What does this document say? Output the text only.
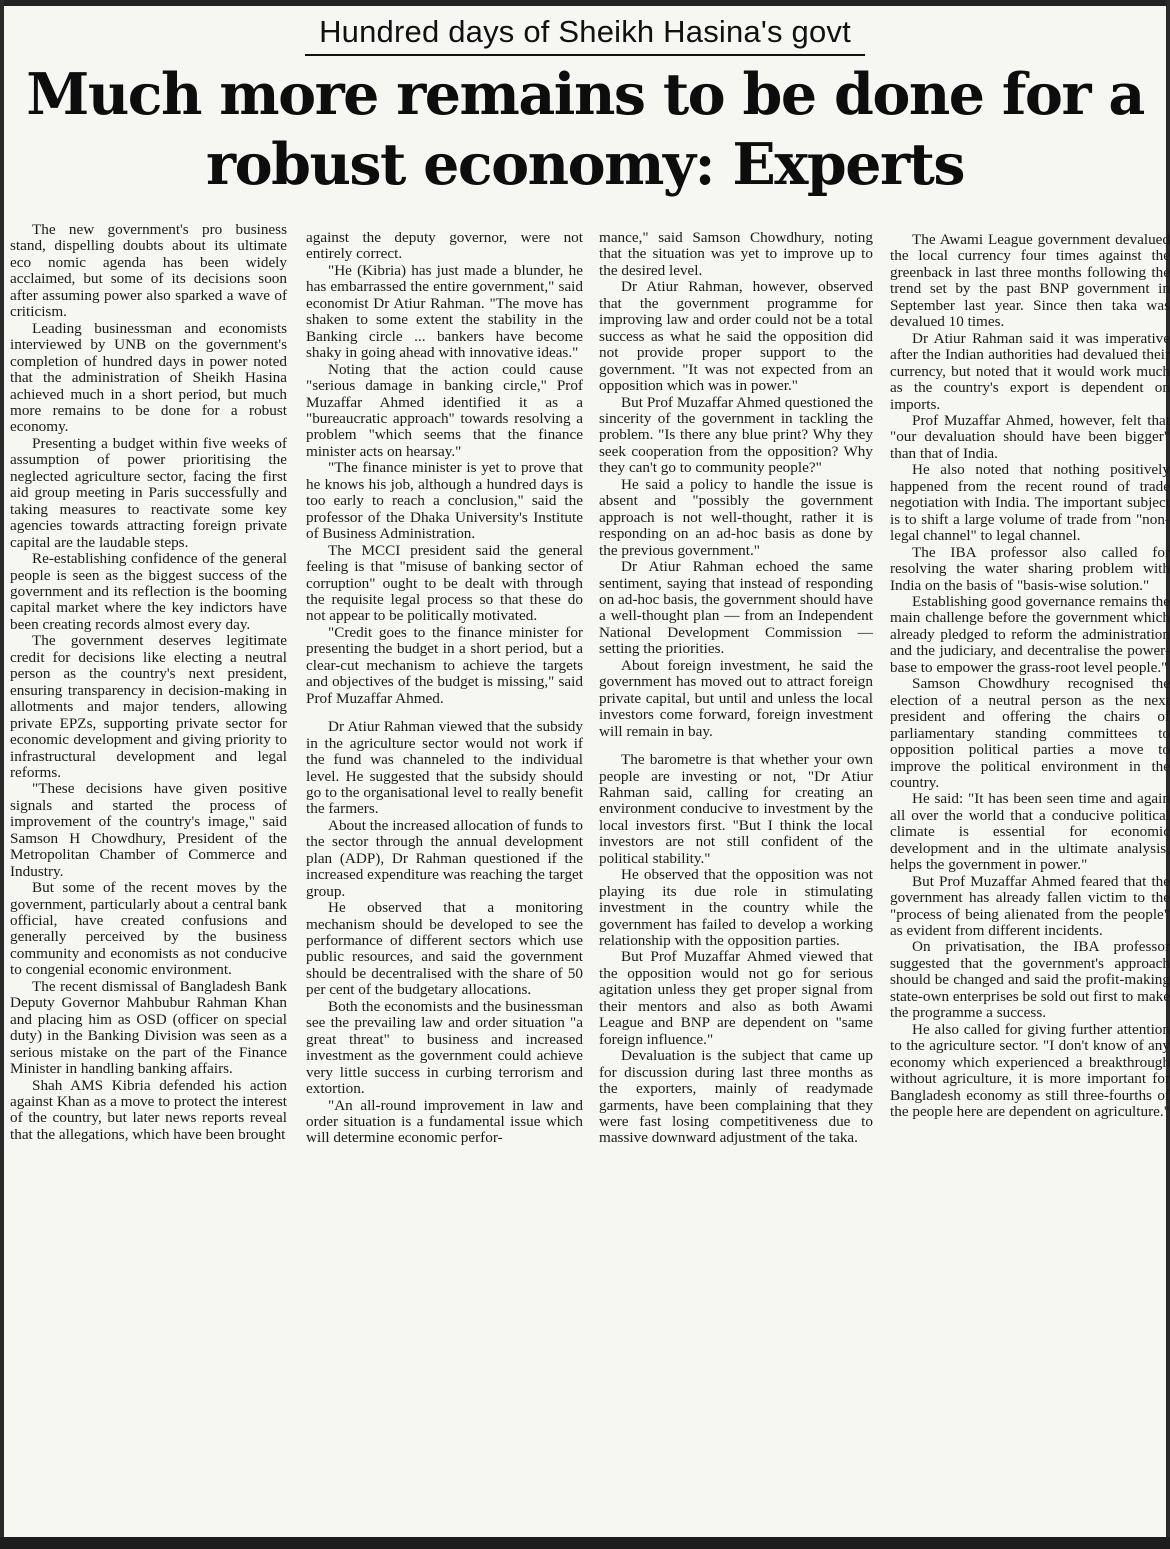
Hundred days of Sheikh Hasina's govt
Much more remains to be done for a robust economy: Experts

The new government's pro business stand, dispelling doubts about its ultimate eco nomic agenda has been widely acclaimed, but some of its decisions soon after assuming power also sparked a wave of criticism.

Leading businessman and economists interviewed by UNB on the government's completion of hundred days in power noted that the administration of Sheikh Hasina achieved much in a short period, but much more remains to be done for a robust economy.

Presenting a budget within five weeks of assumption of power prioritising the neglected agriculture sector, facing the first aid group meeting in Paris successfully and taking measures to reactivate some key agencies towards attracting foreign private capital are the laudable steps.

Re-establishing confidence of the general people is seen as the biggest success of the government and its reflection is the booming capital market where the key indictors have been creating records almost every day.

The government deserves legitimate credit for decisions like electing a neutral person as the country's next president, ensuring transparency in decision-making in allotments and major tenders, allowing private EPZs, supporting private sector for economic development and giving priority to infrastructural development and legal reforms.

"These decisions have given positive signals and started the process of improvement of the country's image," said Samson H Chowdhury, President of the Metropolitan Chamber of Commerce and Industry.

But some of the recent moves by the government, particularly about a central bank official, have created confusions and generally perceived by the business community and economists as not conducive to congenial economic environment.

The recent dismissal of Bangladesh Bank Deputy Governor Mahbubur Rahman Khan and placing him as OSD (officer on special duty) in the Banking Division was seen as a serious mistake on the part of the Finance Minister in handling banking affairs.

Shah AMS Kibria defended his action against Khan as a move to protect the interest of the country, but later news reports reveal that the allegations, which have been brought

against the deputy governor, were not entirely correct.

"He (Kibria) has just made a blunder, he has embarrassed the entire government," said economist Dr Atiur Rahman. "The move has shaken to some extent the stability in the Banking circle ... bankers have become shaky in going ahead with innovative ideas."

Noting that the action could cause "serious damage in banking circle," Prof Muzaffar Ahmed identified it as a "bureaucratic approach" towards resolving a problem "which seems that the finance minister acts on hearsay."

"The finance minister is yet to prove that he knows his job, although a hundred days is too early to reach a conclusion," said the professor of the Dhaka University's Institute of Business Administration.

The MCCI president said the general feeling is that "misuse of banking sector of corruption" ought to be dealt with through the requisite legal process so that these do not appear to be politically motivated.

"Credit goes to the finance minister for presenting the budget in a short period, but a clear-cut mechanism to achieve the targets and objectives of the budget is missing," said Prof Muzaffar Ahmed.

Dr Atiur Rahman viewed that the subsidy in the agriculture sector would not work if the fund was channeled to the individual level. He suggested that the subsidy should go to the organisational level to really benefit the farmers.

About the increased allocation of funds to the sector through the annual development plan (ADP), Dr Rahman questioned if the increased expenditure was reaching the target group.

He observed that a monitoring mechanism should be developed to see the performance of different sectors which use public resources, and said the government should be decentralised with the share of 50 per cent of the budgetary allocations.

Both the economists and the businessman see the prevailing law and order situation "a great threat" to business and increased investment as the government could achieve very little success in curbing terrorism and extortion.

"An all-round improvement in law and order situation is a fundamental issue which will determine economic perfor-

mance," said Samson Chowdhury, noting that the situation was yet to improve up to the desired level.

Dr Atiur Rahman, however, observed that the government programme for improving law and order could not be a total success as what he said the opposition did not provide proper support to the government. "It was not expected from an opposition which was in power."

But Prof Muzaffar Ahmed questioned the sincerity of the government in tackling the problem. "Is there any blue print? Why they seek cooperation from the opposition? Why they can't go to community people?"

He said a policy to handle the issue is absent and "possibly the government approach is not well-thought, rather it is responding on an ad-hoc basis as done by the previous government."

Dr Atiur Rahman echoed the same sentiment, saying that instead of responding on ad-hoc basis, the government should have a well-thought plan — from an Independent National Development Commission — setting the priorities.

About foreign investment, he said the government has moved out to attract foreign private capital, but until and unless the local investors come forward, foreign investment will remain in bay.

The barometre is that whether your own people are investing or not, "Dr Atiur Rahman said, calling for creating an environment conducive to investment by the local investors first. "But I think the local investors are not still confident of the political stability."

He observed that the opposition was not playing its due role in stimulating investment in the country while the government has failed to develop a working relationship with the opposition parties.

But Prof Muzaffar Ahmed viewed that the opposition would not go for serious agitation unless they get proper signal from their mentors and also as both Awami League and BNP are dependent on "same foreign influence."

Devaluation is the subject that came up for discussion during last three months as the exporters, mainly of readymade garments, have been complaining that they were fast losing competitiveness due to massive downward adjustment of the taka.

The Awami League government devalued the local currency four times against the greenback in last three months following the trend set by the past BNP government in September last year. Since then taka was devalued 10 times.

Dr Atiur Rahman said it was imperative after the Indian authorities had devalued their currency, but noted that it would work much as the country's export is dependent on imports.

Prof Muzaffar Ahmed, however, felt that "our devaluation should have been bigger" than that of India.

He also noted that nothing positively happened from the recent round of trade negotiation with India. The important subject is to shift a large volume of trade from "non-legal channel" to legal channel.

The IBA professor also called for resolving the water sharing problem with India on the basis of "basis-wise solution."

Establishing good governance remains the main challenge before the government which already pledged to reform the administration and the judiciary, and decentralise the power-base to empower the grass-root level people."

Samson Chowdhury recognised the election of a neutral person as the next president and offering the chairs of parliamentary standing committees to opposition political parties a move to improve the political environment in the country.

He said: "It has been seen time and again all over the world that a conducive political climate is essential for economic development and in the ultimate analysis, helps the government in power."

But Prof Muzaffar Ahmed feared that the government has already fallen victim to the "process of being alienated from the people" as evident from different incidents.

On privatisation, the IBA professor suggested that the government's approach should be changed and said the profit-making state-own enterprises be sold out first to make the programme a success.

He also called for giving further attention to the agriculture sector. "I don't know of any economy which experienced a breakthrough without agriculture, it is more important for Bangladesh economy as still three-fourths of the people here are dependent on agriculture."
